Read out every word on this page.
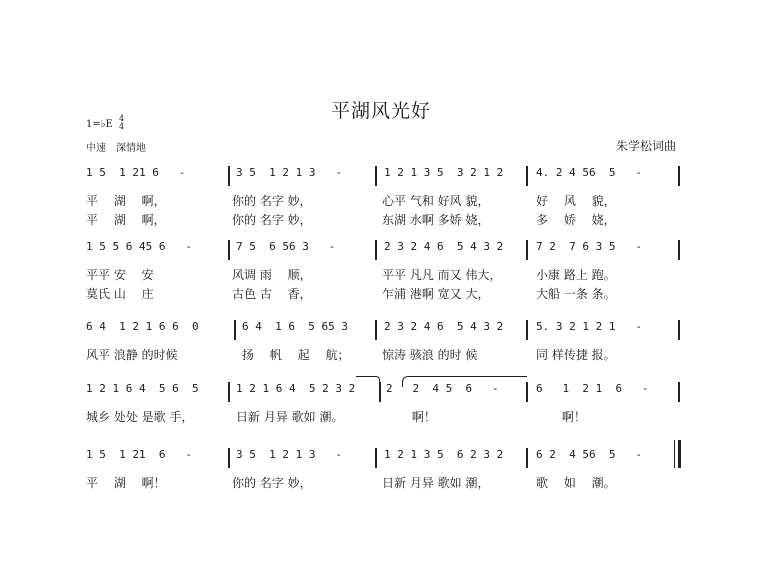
平湖风光好
1=♭E
4
4
中速　深情地	朱学松词曲
1 5  1 21 6   -	3 5  1 2 1 3   -	1 2 1 3 5  3 2 1 2	4. 2 4 56  5   -
平　 湖　 啊，	你的 名字 妙，	心平 气和 好风 貌，	好　 风　 貌，
平　 湖　 啊，	你的 名字 妙，	东湖 水啊 多娇 娆，	多　 娇　 娆，
1 5 5 6 45 6   -	7 5  6 56 3   -	2 3 2 4 6  5 4 3 2	7 2  7 6 3 5   -
平平 安　 安	风调 雨　 顺，	平平 凡凡 而又 伟大，	小康 路上 跑。
莫氏 山　 庄	古色 古　 香，	乍浦 港啊 宽又 大，	大船 一条 条。
6 4  1 2 1 6 6  0	6 4  1 6  5 65 3	2 3 2 4 6  5 4 3 2	5. 3 2 1 2 1   -
风平 浪静 的时候	扬　 帆　 起　 航；	惊涛 骇浪 的时 候	同 样传捷 报。
1 2 1 6 4  5 6  5	1 2 1 6 4  5 2 3 2	2   2  4 5  6   -	6   1  2 1  6   -
城乡 处处 是歌 手，	日新 月异 歌如 潮。	　 啊！	　 啊！
1 5  1 21  6   -	3 5  1 2 1 3   -	1 2 1 3 5  6 2 3 2	6 2  4 56  5   -
平　 湖　 啊！	你的 名字 妙，	日新 月异 歌如 潮，	歌　 如　 潮。
